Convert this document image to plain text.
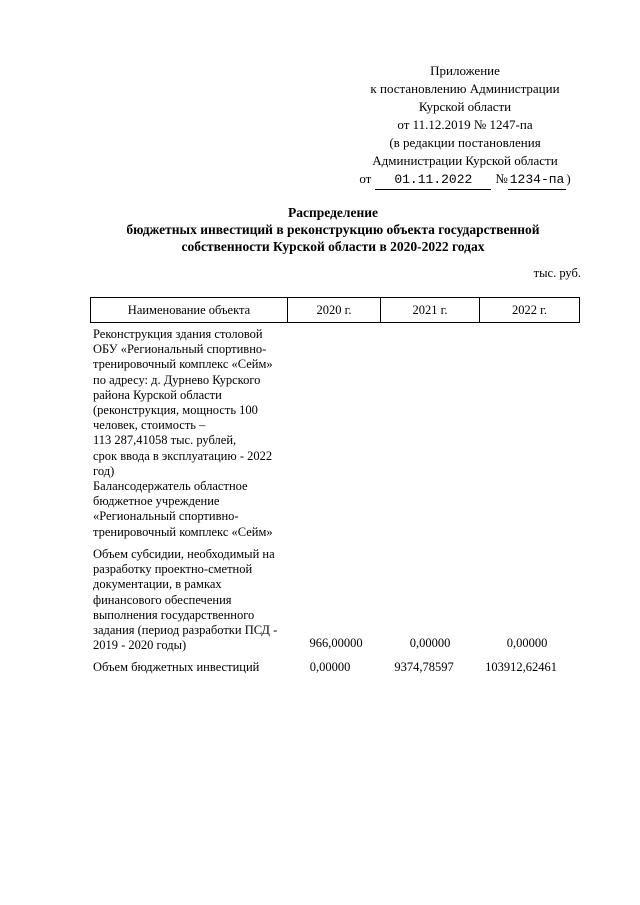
Приложение
к постановлению Администрации
Курской области
от 11.12.2019 № 1247-па
(в редакции постановления
Администрации Курской области
от 01.11.2022 № 1234-па )
Распределение
бюджетных инвестиций в реконструкцию объекта государственной
собственности Курской области в 2020-2022 годах
тыс. руб.
Наименование объекта	2020 г.	2021 г.	2022 г.
Реконструкция здания столовой
ОБУ «Региональный спортивно-
тренировочный комплекс «Сейм»
по адресу: д. Дурнево Курского
района Курской области
(реконструкция, мощность 100
человек, стоимость –
113 287,41058 тыс. рублей,
срок ввода в эксплуатацию - 2022
год)
Балансодержатель областное
бюджетное учреждение
«Региональный спортивно-
тренировочный комплекс «Сейм»
Объем субсидии, необходимый на
разработку проектно-сметной
документации, в рамках
финансового обеспечения
выполнения государственного
задания (период разработки ПСД -
2019 - 2020 годы)	966,00000	0,00000	0,00000
Объем бюджетных инвестиций	0,00000	9374,78597	103912,62461
